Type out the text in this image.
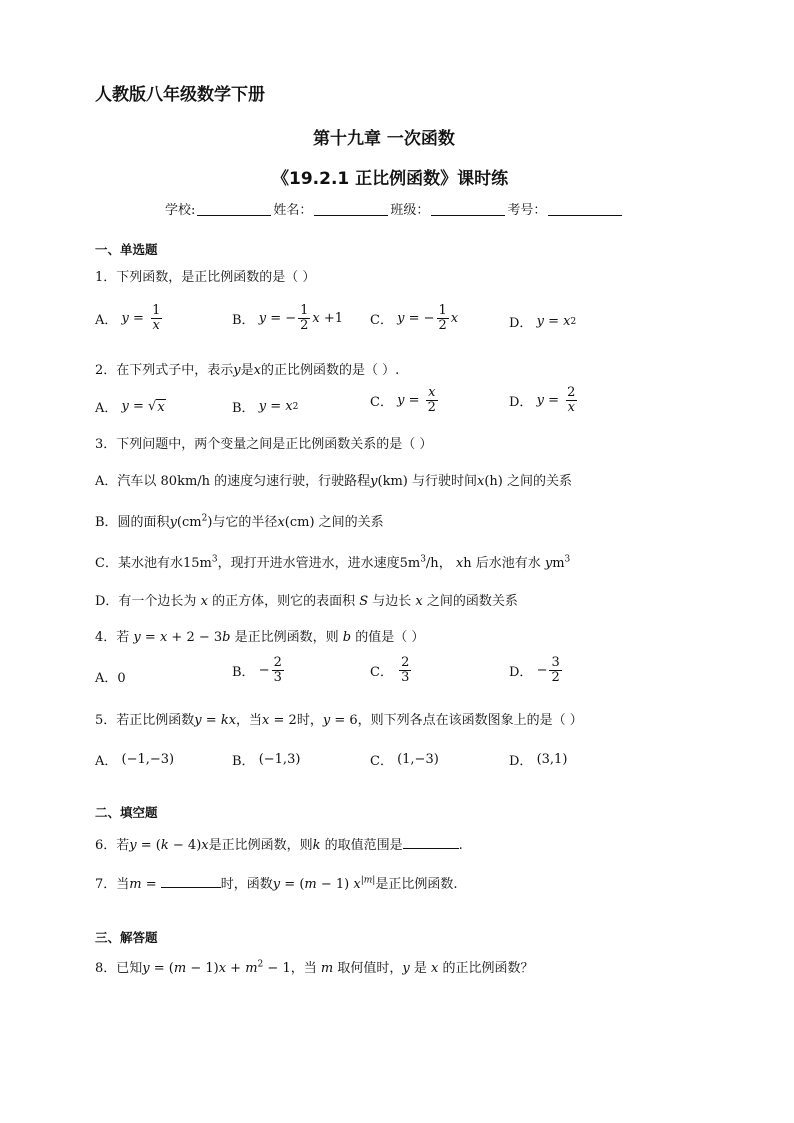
人教版八年级数学下册
第十九章 一次函数
《19.2.1 正比例函数》课时练
学校:	姓名：	班级：	考号：
一、单选题
1．下列函数，是正比例函数的是（ ）
A．
$y = \frac{1}{x}$	B．
y = − $\frac{1}{2}$ x +1 C．
y = − $\frac{1}{2}$ x	D．
y = x 2
2．在下列式子中，表示y是x的正比例函数的是（ ）.
A．
y = √ x	B．
y = x 2	C．
$y = \frac{x}{2}$	D．
$y = \frac{2}{x}$
3．下列问题中，两个变量之间是正比例函数关系的是（ ）
A．汽车以 80km/h 的速度匀速行驶，行驶路程y(km) 与行驶时间x(h) 之间的关系
B．圆的面积$y(cm^2)$与它的半径x(cm) 之间的关系
C．某水池有水$15m^3$，现打开进水管进水，进水速度$5m^3/h$， xh 后水池有水 $ym^3$
D．有一个边长为 x 的正方体，则它的表面积 S 与边长 x 之间的函数关系
4．若 y = x + 2 − 3b 是正比例函数，则 b 的值是（ ）
A．0	B． − $\frac{2}{3}$	C．
$\frac{2}{3}$	D． − $\frac{3}{2}$
5．若正比例函数y = kx，当x = 2时，y = 6，则下列各点在该函数图象上的是（ ）
A． (−1,−3)	B． (−1,3)	C． (1,−3)	D． (3,1)
二、填空题
6．若y = (k − 4)x是正比例函数，则k 的取值范围是	.
7．当m =	时，函数y = (m − 1) $x^{|m|}$是正比例函数.
三、解答题
8．已知$y = (m - 1)x + m^2 - 1$，当 m 取何值时，y 是 x 的正比例函数？
